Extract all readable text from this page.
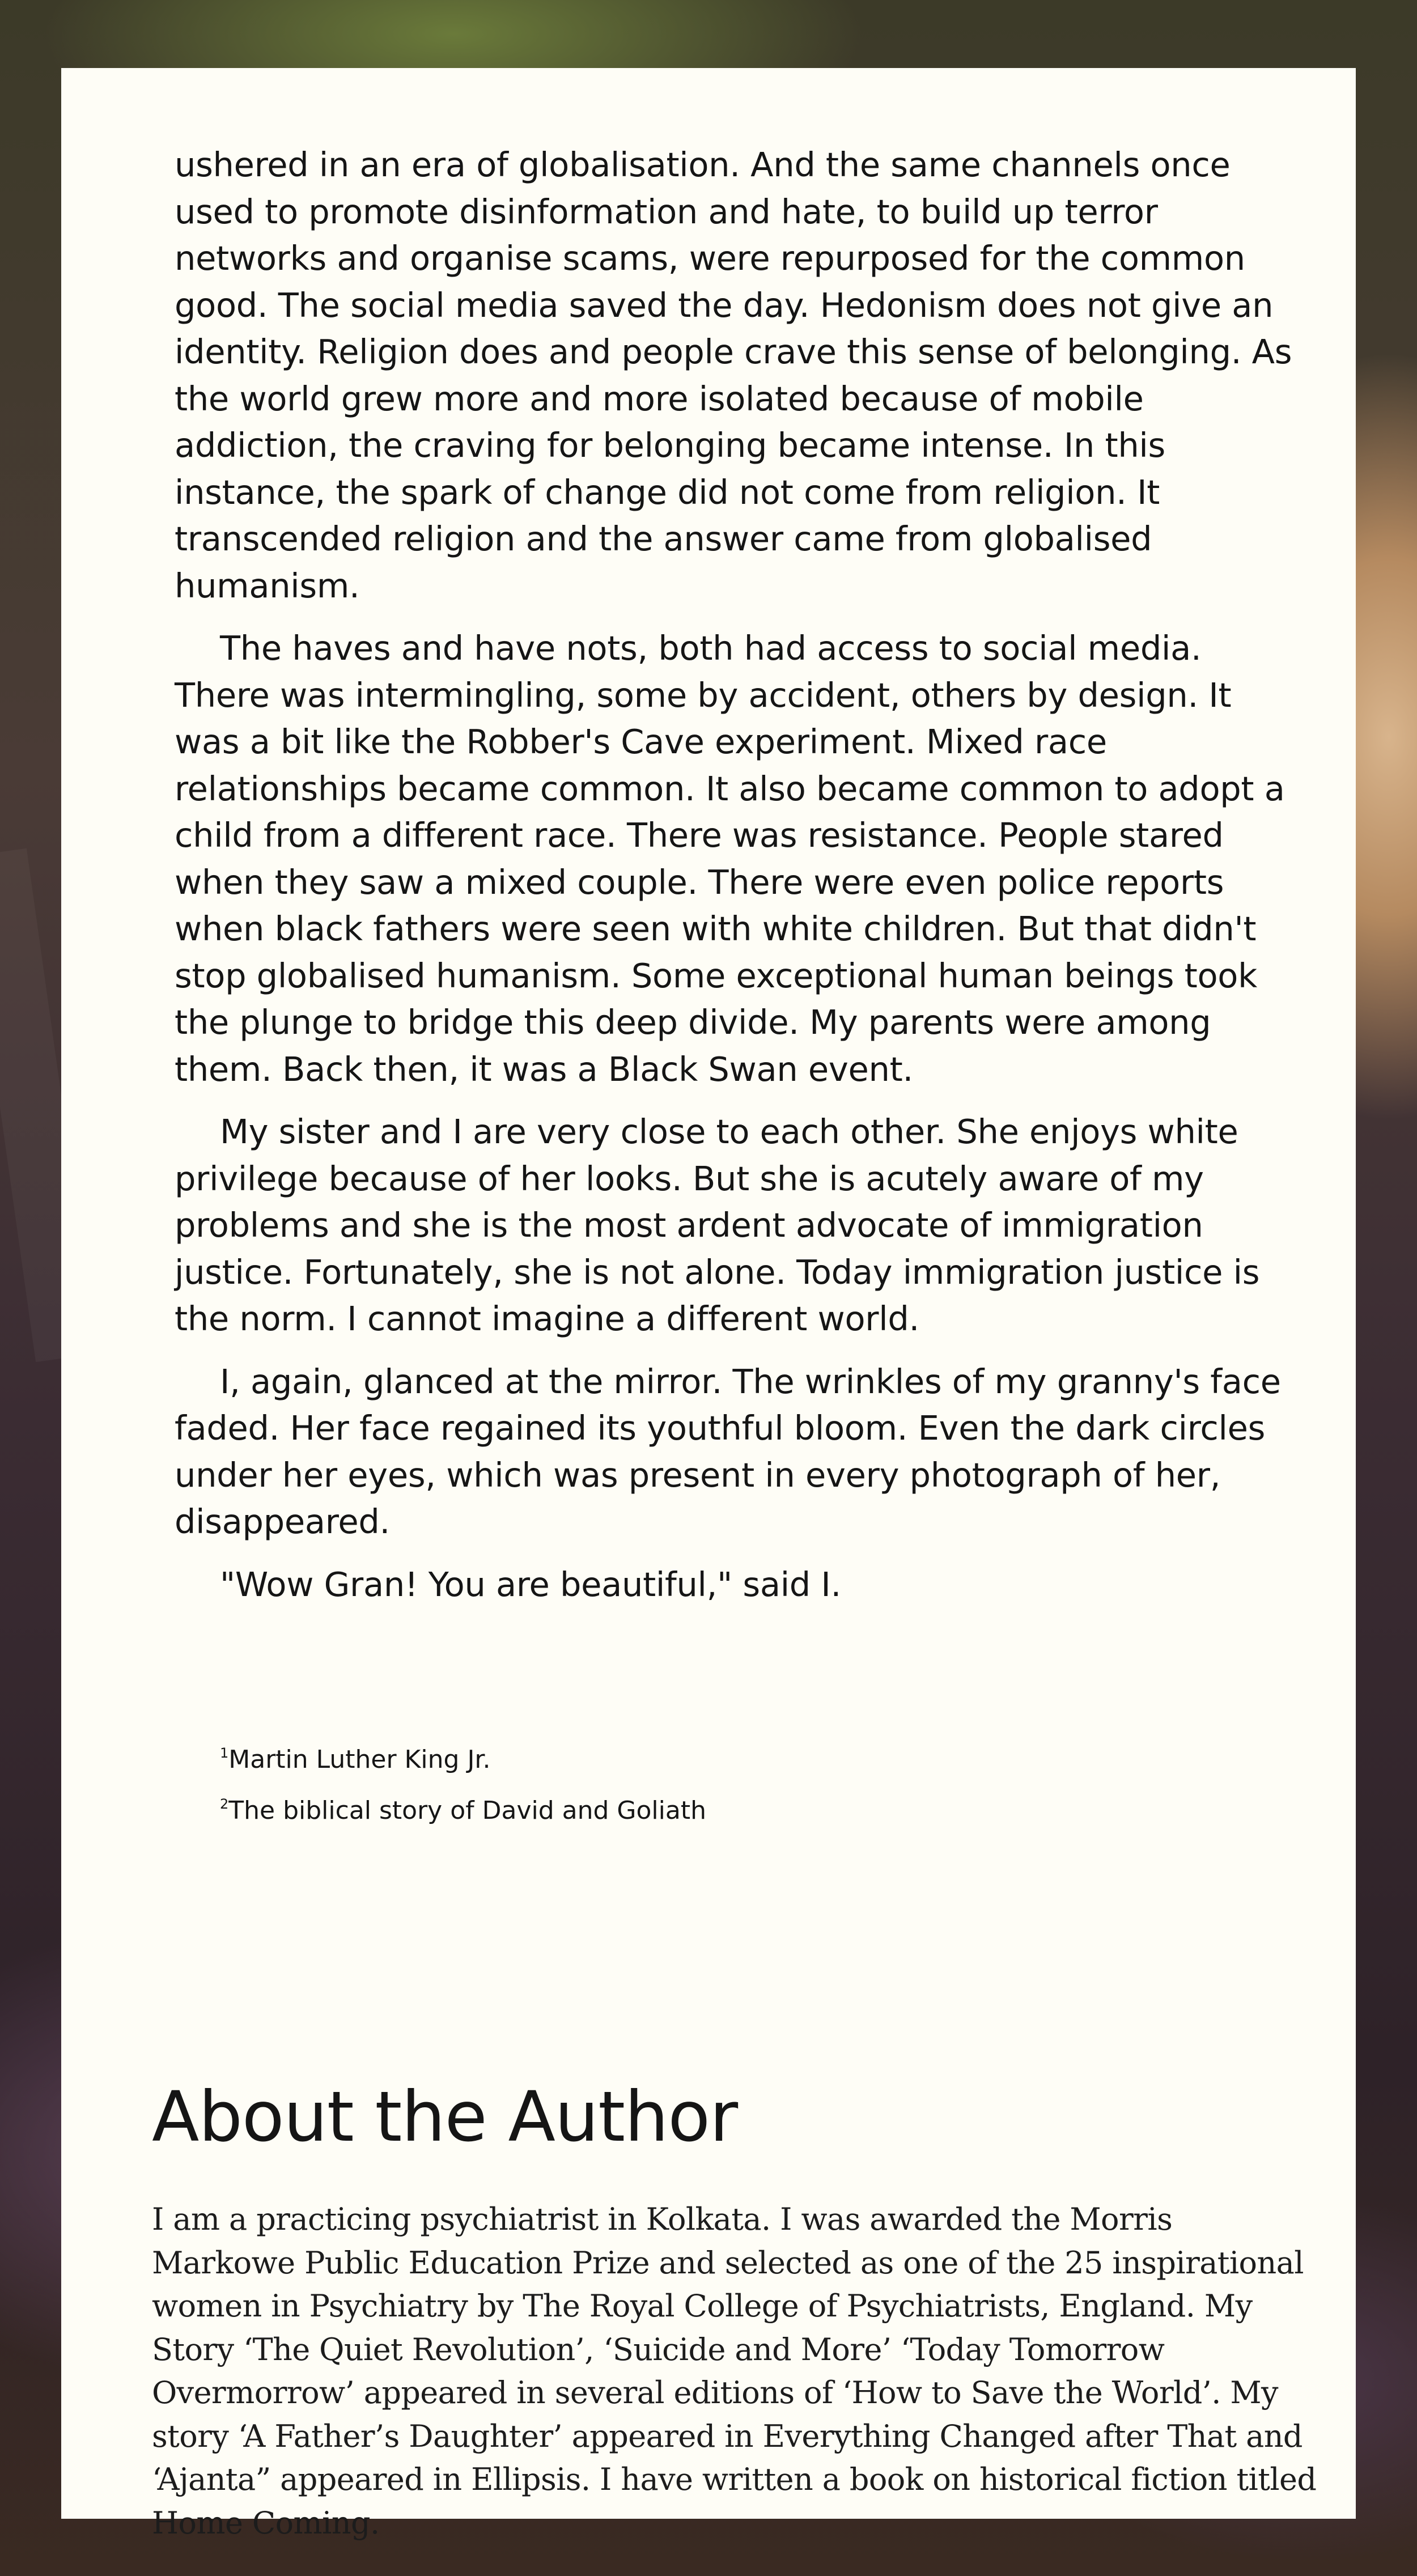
ushered in an era of globalisation. And the same channels once used to promote disinformation and hate, to build up terror networks and organise scams, were repurposed for the common good. The social media saved the day. Hedonism does not give an identity. Religion does and people crave this sense of belonging. As the world grew more and more isolated because of mobile addiction, the craving for belonging became intense. In this instance, the spark of change did not come from religion. It transcended religion and the answer came from globalised humanism.

The haves and have nots, both had access to social media. There was intermingling, some by accident, others by design. It was a bit like the Robber's Cave experiment. Mixed race relationships became common. It also became common to adopt a child from a different race. There was resistance. People stared when they saw a mixed couple. There were even police reports when black fathers were seen with white children. But that didn't stop globalised humanism. Some exceptional human beings took the plunge to bridge this deep divide. My parents were among them. Back then, it was a Black Swan event.

My sister and I are very close to each other. She enjoys white privilege because of her looks. But she is acutely aware of my problems and she is the most ardent advocate of immigration justice. Fortunately, she is not alone. Today immigration justice is the norm. I cannot imagine a different world.

I, again, glanced at the mirror. The wrinkles of my granny's face faded. Her face regained its youthful bloom. Even the dark circles under her eyes, which was present in every photograph of her, disappeared.

"Wow Gran! You are beautiful," said I.

$^1$Martin Luther King Jr.
$^2$The biblical story of David and Goliath
About the Author

I am a practicing psychiatrist in Kolkata. I was awarded the Morris Markowe Public Education Prize and selected as one of the 25 inspirational women in Psychiatry by The Royal College of Psychiatrists, England. My Story ‘The Quiet Revolution’, ‘Suicide and More’ ‘Today Tomorrow Overmorrow’ appeared in several editions of ‘How to Save the World’. My story ‘A Father’s Daughter’ appeared in Everything Changed after That and ‘Ajanta” appeared in Ellipsis. I have written a book on historical fiction titled Home Coming.
